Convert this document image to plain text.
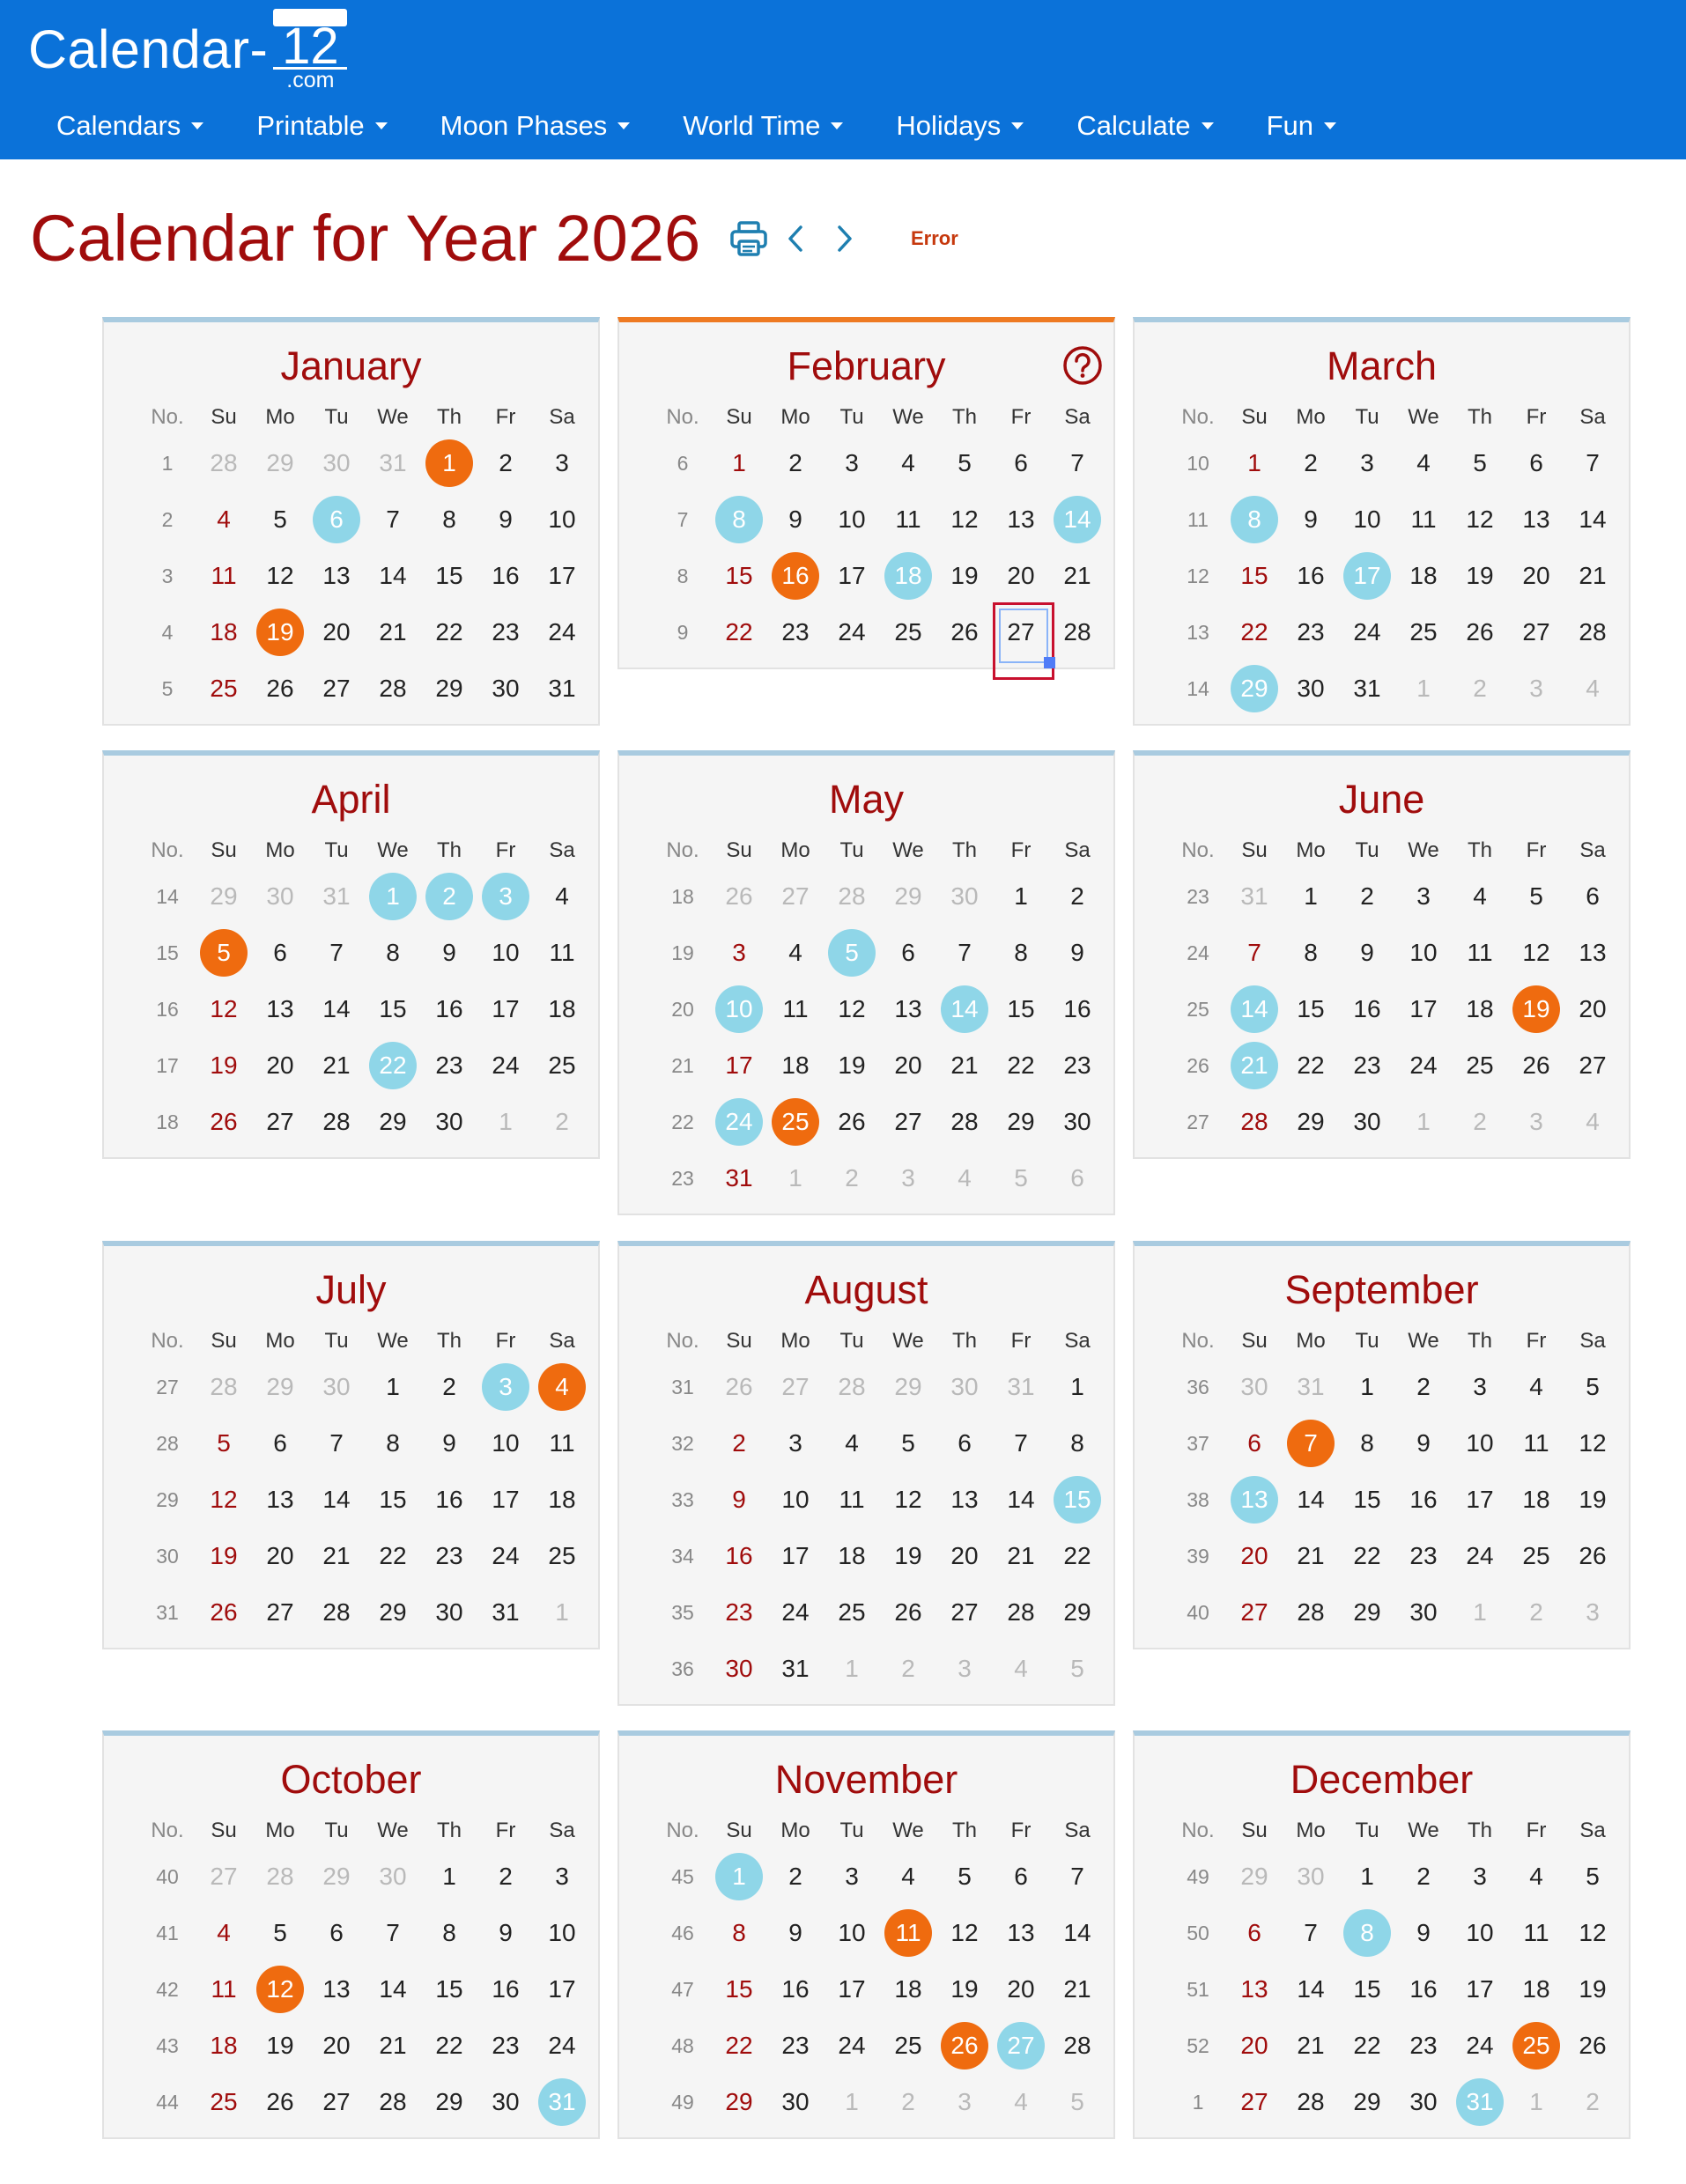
Calendar- 12
.com
Calendars	Printable	Moon Phases	World Time	Holidays	Calculate	Fun
Calendar for Year 2026	Error
January
No.	Su	Mo	Tu	We	Th	Fr	Sa
1	28 29 30 31 1 2 3
2	4 5 6 7 8 9 10
3	11 12 13 14 15 16 17
4	18 19 20 21 22 23 24
5	25 26 27 28 29 30 31
February
No.	Su	Mo	Tu	We	Th	Fr	Sa
6	1 2 3 4 5 6 7
7	8 9 10 11 12 13 14
8	15 16 17 18 19 20 21
9	22 23 24 25 26 27 28
March
No.	Su	Mo	Tu	We	Th	Fr	Sa
10	1 2 3 4 5 6 7
11	8 9 10 11 12 13 14
12	15 16 17 18 19 20 21
13	22 23 24 25 26 27 28
14	29 30 31 1 2 3 4
April
No.	Su	Mo	Tu	We	Th	Fr	Sa
14	29 30 31 1 2 3 4
15	5 6 7 8 9 10 11
16	12 13 14 15 16 17 18
17	19 20 21 22 23 24 25
18	26 27 28 29 30 1 2
May
No.	Su	Mo	Tu	We	Th	Fr	Sa
18	26 27 28 29 30 1 2
19	3 4 5 6 7 8 9
20	10 11 12 13 14 15 16
21	17 18 19 20 21 22 23
22	24 25 26 27 28 29 30
23	31 1 2 3 4 5 6
June
No.	Su	Mo	Tu	We	Th	Fr	Sa
23	31 1 2 3 4 5 6
24	7 8 9 10 11 12 13
25	14 15 16 17 18 19 20
26	21 22 23 24 25 26 27
27	28 29 30 1 2 3 4
July
No.	Su	Mo	Tu	We	Th	Fr	Sa
27	28 29 30 1 2 3 4
28	5 6 7 8 9 10 11
29	12 13 14 15 16 17 18
30	19 20 21 22 23 24 25
31	26 27 28 29 30 31 1
August
No.	Su	Mo	Tu	We	Th	Fr	Sa
31	26 27 28 29 30 31 1
32	2 3 4 5 6 7 8
33	9 10 11 12 13 14 15
34	16 17 18 19 20 21 22
35	23 24 25 26 27 28 29
36	30 31 1 2 3 4 5
September
No.	Su	Mo	Tu	We	Th	Fr	Sa
36	30 31 1 2 3 4 5
37	6 7 8 9 10 11 12
38	13 14 15 16 17 18 19
39	20 21 22 23 24 25 26
40	27 28 29 30 1 2 3
October
No.	Su	Mo	Tu	We	Th	Fr	Sa
40	27 28 29 30 1 2 3
41	4 5 6 7 8 9 10
42	11 12 13 14 15 16 17
43	18 19 20 21 22 23 24
44	25 26 27 28 29 30 31
November
No.	Su	Mo	Tu	We	Th	Fr	Sa
45	1 2 3 4 5 6 7
46	8 9 10 11 12 13 14
47	15 16 17 18 19 20 21
48	22 23 24 25 26 27 28
49	29 30 1 2 3 4 5
December
No.	Su	Mo	Tu	We	Th	Fr	Sa
49	29 30 1 2 3 4 5
50	6 7 8 9 10 11 12
51	13 14 15 16 17 18 19
52	20 21 22 23 24 25 26
1	27 28 29 30 31 1 2
